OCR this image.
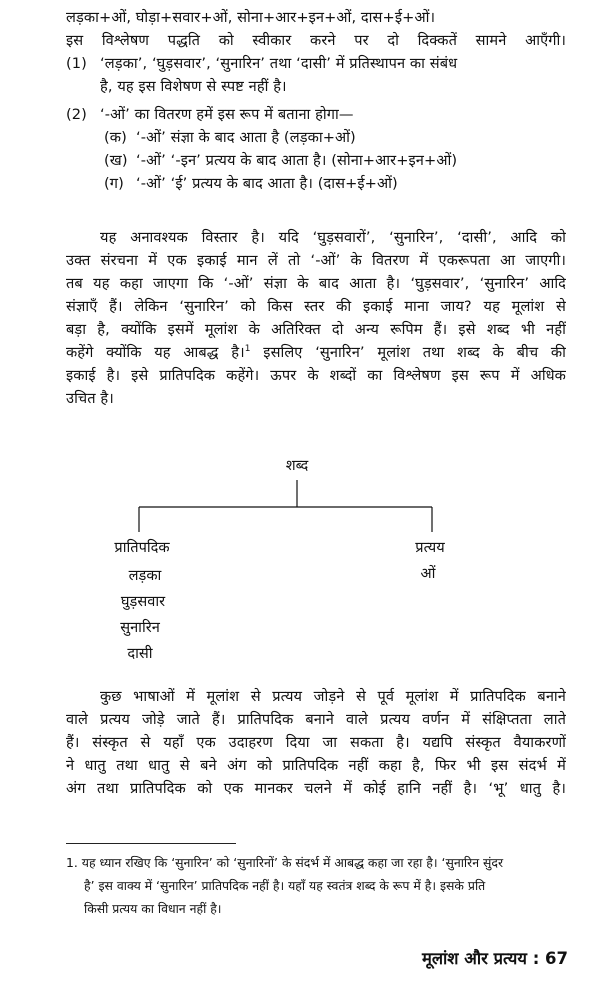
लड़का+ओं, घोड़ा+सवार+ओं, सोना+आर+इन+ओं, दास+ई+ओं।
इस विश्लेषण पद्धति को स्वीकार करने पर दो दिक्कतें सामने आएँगी।
(1) ‘लड़का’, ‘घुड़सवार’, ‘सुनारिन’ तथा ‘दासी’ में प्रतिस्थापन का संबंध
है, यह इस विशेषण से स्पष्ट नहीं है।
(2) ‘-ओं’ का वितरण हमें इस रूप में बताना होगा—
(क) ‘-ओं’ संज्ञा के बाद आता है (लड़का+ओं)
(ख) ‘-ओं’ ‘-इन’ प्रत्यय के बाद आता है। (सोना+आर+इन+ओं)
(ग) ‘-ओं’ ‘ई’ प्रत्यय के बाद आता है। (दास+ई+ओं)
यह अनावश्यक विस्तार है। यदि ‘घुड़सवारों’, ‘सुनारिन’, ‘दासी’, आदि को
उक्त संरचना में एक इकाई मान लें तो ‘-ओं’ के वितरण में एकरूपता आ जाएगी।
तब यह कहा जाएगा कि ‘-ओं’ संज्ञा के बाद आता है। ‘घुड़सवार’, ‘सुनारिन’ आदि
संज्ञाएँ हैं। लेकिन ‘सुनारिन’ को किस स्तर की इकाई माना जाय? यह मूलांश से
बड़ा है, क्योंकि इसमें मूलांश के अतिरिक्त दो अन्य रूपिम हैं। इसे शब्द भी नहीं
कहेंगे क्योंकि यह आबद्ध है।$^1$ इसलिए ‘सुनारिन’ मूलांश तथा शब्द के बीच की
इकाई है। इसे प्रातिपदिक कहेंगे। ऊपर के शब्दों का विश्लेषण इस रूप में अधिक
उचित है।
शब्द
प्रातिपदिक
लड़का
घुड़सवार
सुनारिन
दासी
प्रत्यय
ओं
कुछ भाषाओं में मूलांश से प्रत्यय जोड़ने से पूर्व मूलांश में प्रातिपदिक बनाने
वाले प्रत्यय जोड़े जाते हैं। प्रातिपदिक बनाने वाले प्रत्यय वर्णन में संक्षिप्तता लाते
हैं। संस्कृत से यहाँ एक उदाहरण दिया जा सकता है। यद्यपि संस्कृत वैयाकरणों
ने धातु तथा धातु से बने अंग को प्रातिपदिक नहीं कहा है, फिर भी इस संदर्भ में
अंग तथा प्रातिपदिक को एक मानकर चलने में कोई हानि नहीं है। ‘भू’ धातु है।
1. यह ध्यान रखिए कि ‘सुनारिन’ को ‘सुनारिनों’ के संदर्भ में आबद्ध कहा जा रहा है। ‘सुनारिन सुंदर
है’ इस वाक्य में ‘सुनारिन’ प्रातिपदिक नहीं है। यहाँ यह स्वतंत्र शब्द के रूप में है। इसके प्रति
किसी प्रत्यय का विधान नहीं है।
मूलांश और प्रत्यय : 67
